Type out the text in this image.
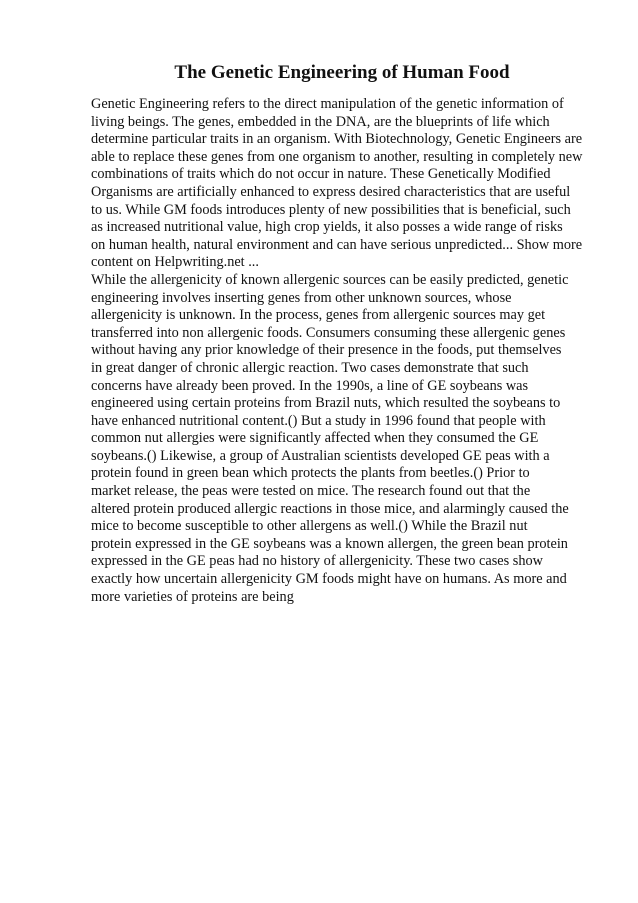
The Genetic Engineering of Human Food
Genetic Engineering refers to the direct manipulation of the genetic information of
living beings. The genes, embedded in the DNA, are the blueprints of life which
determine particular traits in an organism. With Biotechnology, Genetic Engineers are
able to replace these genes from one organism to another, resulting in completely new
combinations of traits which do not occur in nature. These Genetically Modified
Organisms are artificially enhanced to express desired characteristics that are useful
to us. While GM foods introduces plenty of new possibilities that is beneficial, such
as increased nutritional value, high crop yields, it also posses a wide range of risks
on human health, natural environment and can have serious unpredicted... Show more
content on Helpwriting.net ...
While the allergenicity of known allergenic sources can be easily predicted, genetic
engineering involves inserting genes from other unknown sources, whose
allergenicity is unknown. In the process, genes from allergenic sources may get
transferred into non allergenic foods. Consumers consuming these allergenic genes
without having any prior knowledge of their presence in the foods, put themselves
in great danger of chronic allergic reaction. Two cases demonstrate that such
concerns have already been proved. In the 1990s, a line of GE soybeans was
engineered using certain proteins from Brazil nuts, which resulted the soybeans to
have enhanced nutritional content.() But a study in 1996 found that people with
common nut allergies were significantly affected when they consumed the GE
soybeans.() Likewise, a group of Australian scientists developed GE peas with a
protein found in green bean which protects the plants from beetles.() Prior to
market release, the peas were tested on mice. The research found out that the
altered protein produced allergic reactions in those mice, and alarmingly caused the
mice to become susceptible to other allergens as well.() While the Brazil nut
protein expressed in the GE soybeans was a known allergen, the green bean protein
expressed in the GE peas had no history of allergenicity. These two cases show
exactly how uncertain allergenicity GM foods might have on humans. As more and
more varieties of proteins are being
